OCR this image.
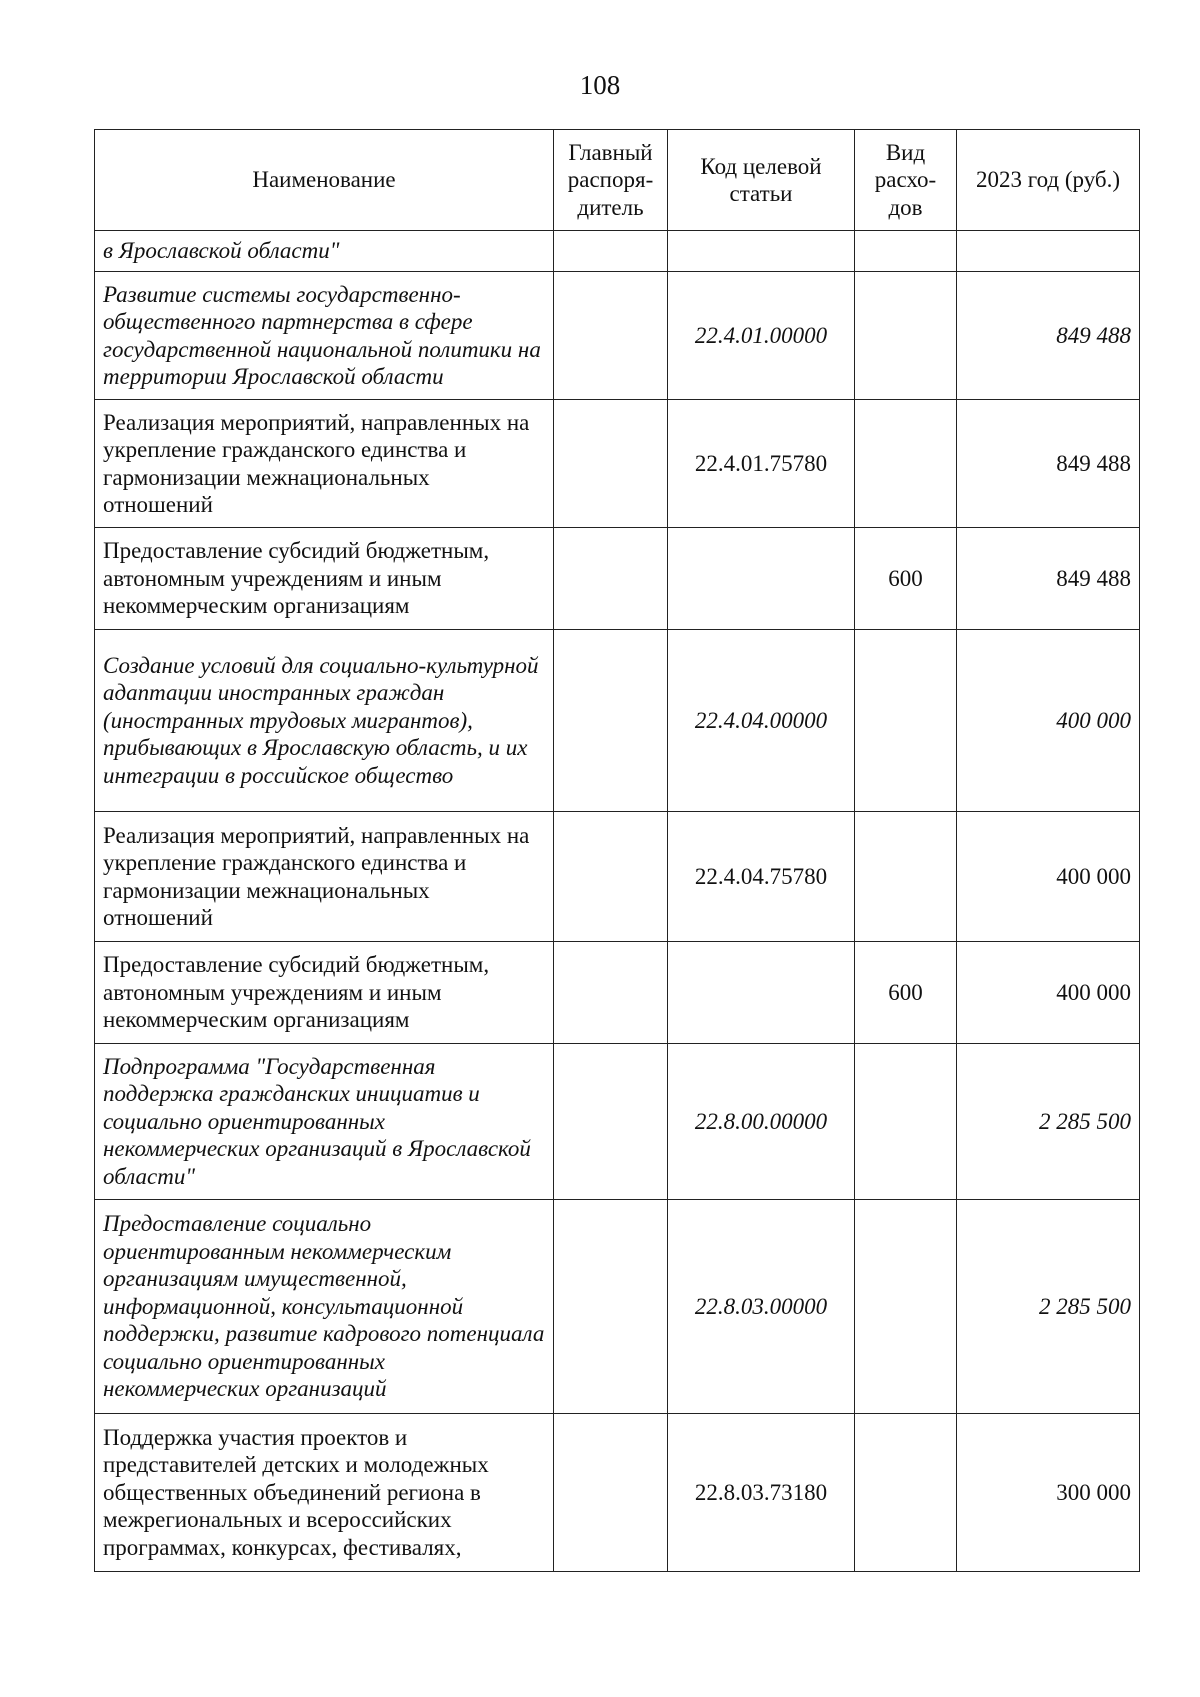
108
Наименование	Главный распоря-дитель	Код целевой статьи	Вид расхо-дов	2023 год (руб.)
в Ярославской области"				
Развитие системы государственно-общественного партнерства в сфере государственной национальной политики на территории Ярославской области		22.4.01.00000		849 488
Реализация мероприятий, направленных на укрепление гражданского единства и гармонизации межнациональных отношений		22.4.01.75780		849 488
Предоставление субсидий бюджетным, автономным учреждениям и иным некоммерческим организациям			600	849 488
Создание условий для социально-культурной адаптации иностранных граждан (иностранных трудовых мигрантов), прибывающих в Ярославскую область, и их интеграции в российское общество		22.4.04.00000		400 000
Реализация мероприятий, направленных на укрепление гражданского единства и гармонизации межнациональных отношений		22.4.04.75780		400 000
Предоставление субсидий бюджетным, автономным учреждениям и иным некоммерческим организациям			600	400 000
Подпрограмма "Государственная поддержка гражданских инициатив и социально ориентированных некоммерческих организаций в Ярославской области"		22.8.00.00000		2 285 500
Предоставление социально ориентированным некоммерческим организациям имущественной, информационной, консультационной поддержки, развитие кадрового потенциала социально ориентированных некоммерческих организаций		22.8.03.00000		2 285 500
Поддержка участия проектов и представителей детских и молодежных общественных объединений региона в межрегиональных и всероссийских программах, конкурсах, фестивалях,		22.8.03.73180		300 000
